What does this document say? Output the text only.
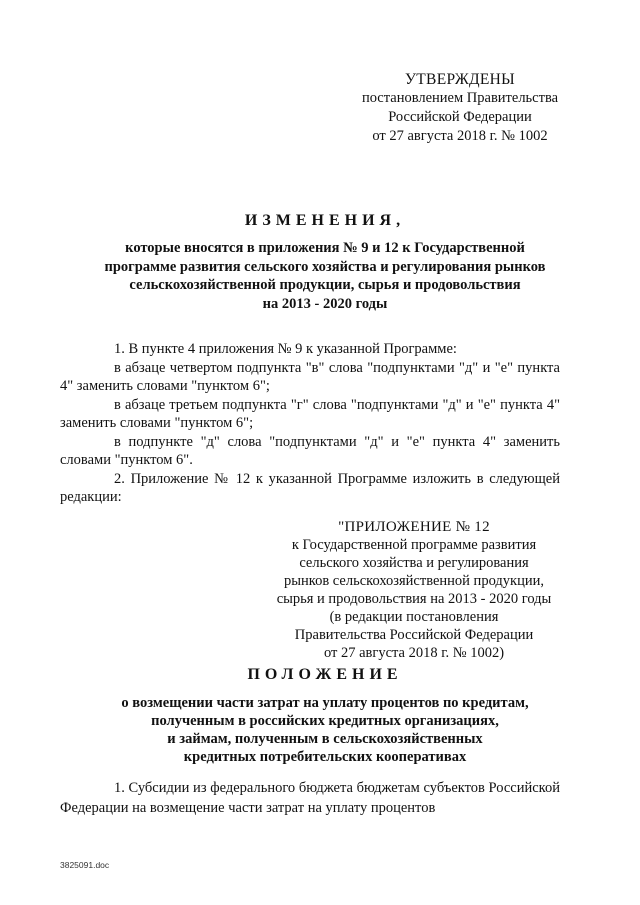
УТВЕРЖДЕНЫ
постановлением Правительства
Российской Федерации
от 27 августа 2018 г. № 1002
ИЗМЕНЕНИЯ,
которые вносятся в приложения № 9 и 12 к Государственной
программе развития сельского хозяйства и регулирования рынков
сельскохозяйственной продукции, сырья и продовольствия
на 2013 - 2020 годы

1. В пункте 4 приложения № 9 к указанной Программе:

в абзаце четвертом подпункта "в" слова "подпунктами "д" и "е" пункта 4" заменить словами "пунктом 6";

в абзаце третьем подпункта "г" слова "подпунктами "д" и "е" пункта 4" заменить словами "пунктом 6";

в подпункте "д" слова "подпунктами "д" и "е" пункта 4" заменить словами "пунктом 6".

2. Приложение № 12 к указанной Программе изложить в следующей редакции:

"ПРИЛОЖЕНИЕ № 12
к Государственной программе развития
сельского хозяйства и регулирования
рынков сельскохозяйственной продукции,
сырья и продовольствия на 2013 - 2020 годы
(в редакции постановления
Правительства Российской Федерации
от 27 августа 2018 г. № 1002)
ПОЛОЖЕНИЕ
о возмещении части затрат на уплату процентов по кредитам,
полученным в российских кредитных организациях,
и займам, полученным в сельскохозяйственных
кредитных потребительских кооперативах

1. Субсидии из федерального бюджета бюджетам субъектов Российской Федерации на возмещение части затрат на уплату процентов

3825091.doc
